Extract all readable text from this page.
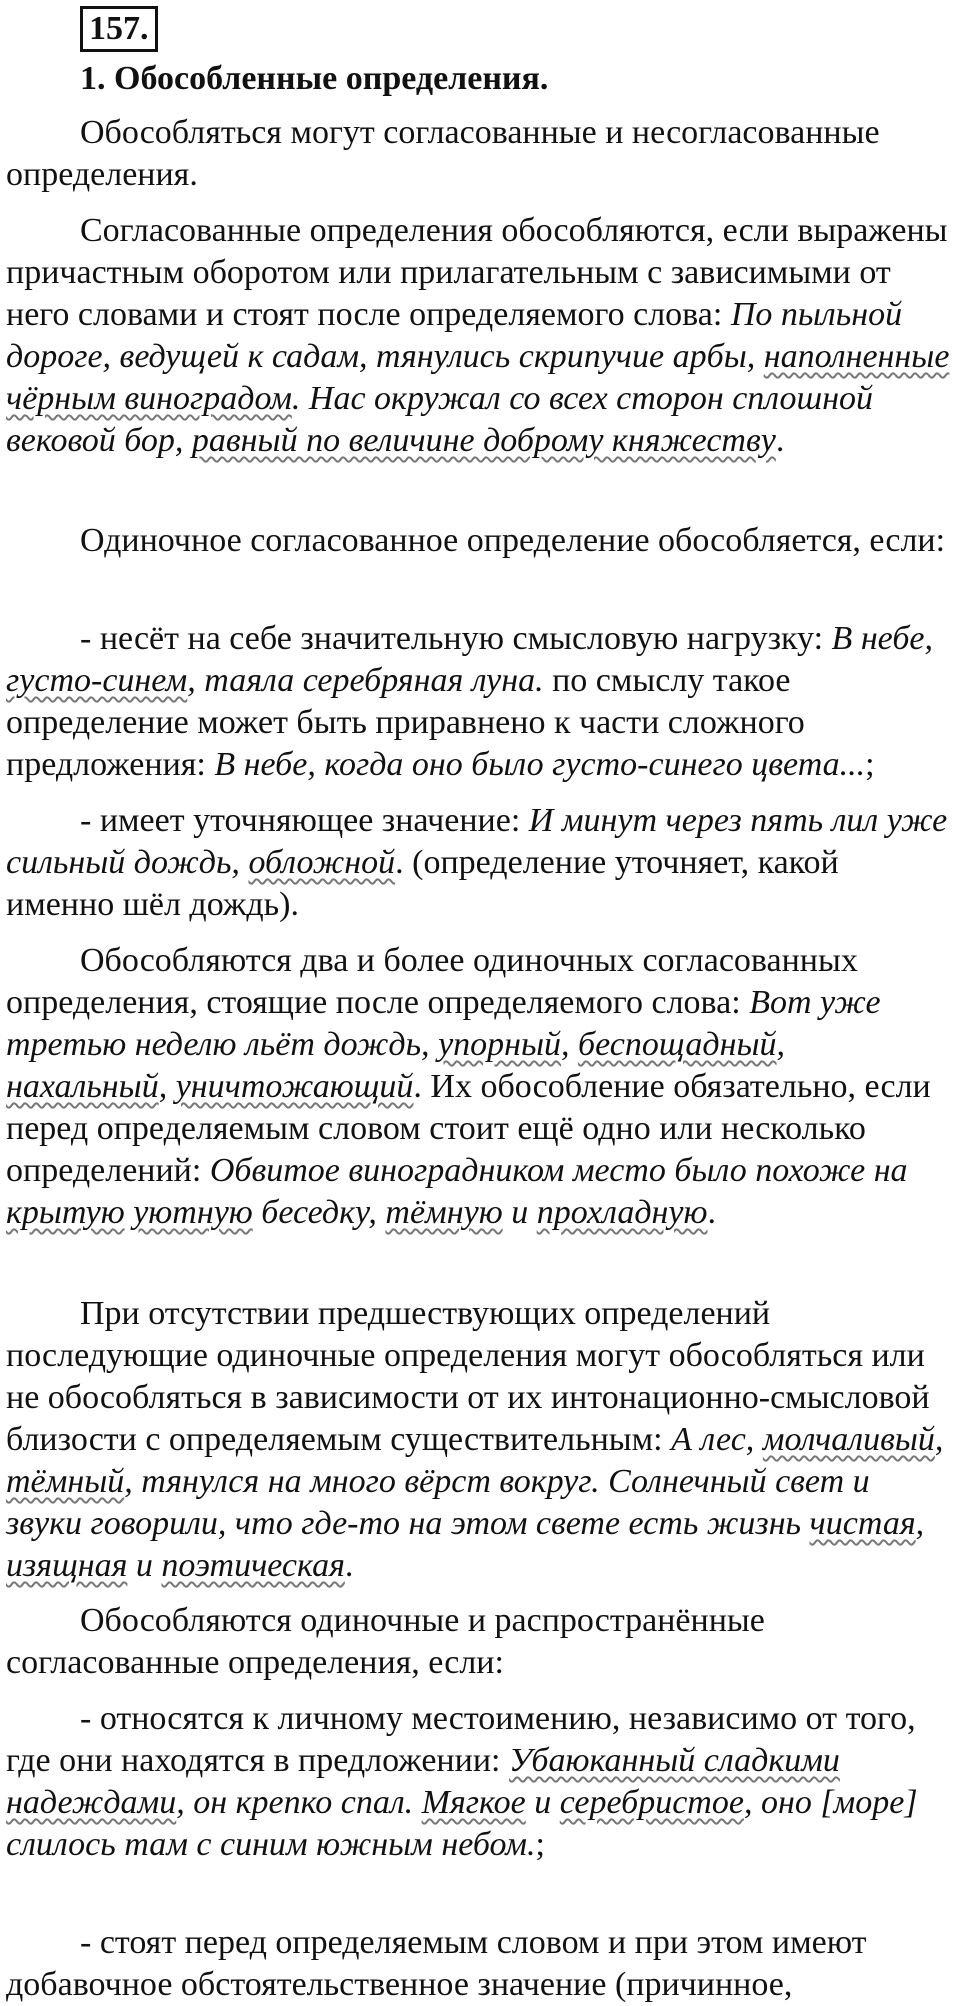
157.
1. Обособленные определения.

Обособляться могут согласованные и несогласованные определения.

Согласованные определения обособляются, если выражены причастным оборотом или прилагательным с зависимыми от него словами и стоят после определяемого слова: По пыльной дороге, ведущей к садам, тянулись скрипучие арбы, наполненные чёрным виноградом. Нас окружал со всех сторон сплошной вековой бор, равный по величине доброму княжеству.

Одиночное согласованное определение обособляется, если:

- несёт на себе значительную смысловую нагрузку: В небе, густо-синем, таяла серебряная луна. по смыслу такое определение может быть приравнено к части сложного предложения: В небе, когда оно было густо-синего цвета...;

- имеет уточняющее значение: И минут через пять лил уже сильный дождь, обложной. (определение уточняет, какой именно шёл дождь).

Обособляются два и более одиночных согласованных определения, стоящие после определяемого слова: Вот уже третью неделю льёт дождь, упорный, беспощадный, нахальный, уничтожающий. Их обособление обязательно, если перед определяемым словом стоит ещё одно или несколько определений: Обвитое виноградником место было похоже на крытую уютную беседку, тёмную и прохладную.

При отсутствии предшествующих определений последующие одиночные определения могут обособляться или не обособляться в зависимости от их интонационно-смысловой близости с определяемым существительным: А лес, молчаливый, тёмный, тянулся на много вёрст вокруг. Солнечный свет и звуки говорили, что где-то на этом свете есть жизнь чистая, изящная и поэтическая.

Обособляются одиночные и распространённые согласованные определения, если:

- относятся к личному местоимению, независимо от того, где они находятся в предложении: Убаюканный сладкими надеждами, он крепко спал. Мягкое и серебристое, оно [море] слилось там с синим южным небом.;

- стоят перед определяемым словом и при этом имеют добавочное обстоятельственное значение (причинное,
